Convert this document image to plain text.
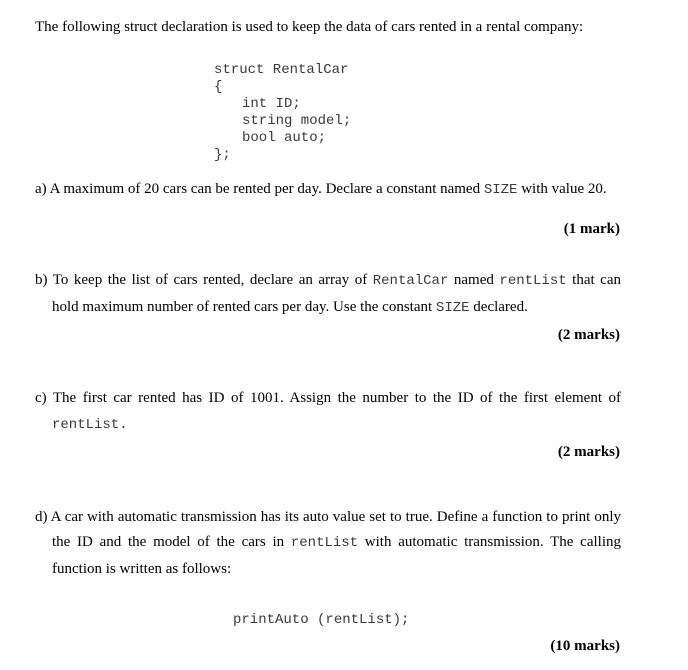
The following struct declaration is used to keep the data of cars rented in a rental company:
struct RentalCar
{
int ID;
string model;
bool auto;
};
a) A maximum of 20 cars can be rented per day. Declare a constant named SIZE with value 20.
(1 mark)
b) To keep the list of cars rented, declare an array of RentalCar named rentList that can
hold maximum number of rented cars per day. Use the constant SIZE declared.
(2 marks)
c) The first car rented has ID of 1001. Assign the number to the ID of the first element of
rentList.
(2 marks)
d) A car with automatic transmission has its auto value set to true. Define a function to print only
the ID and the model of the cars in rentList with automatic transmission. The calling
function is written as follows:
printAuto (rentList);
(10 marks)
